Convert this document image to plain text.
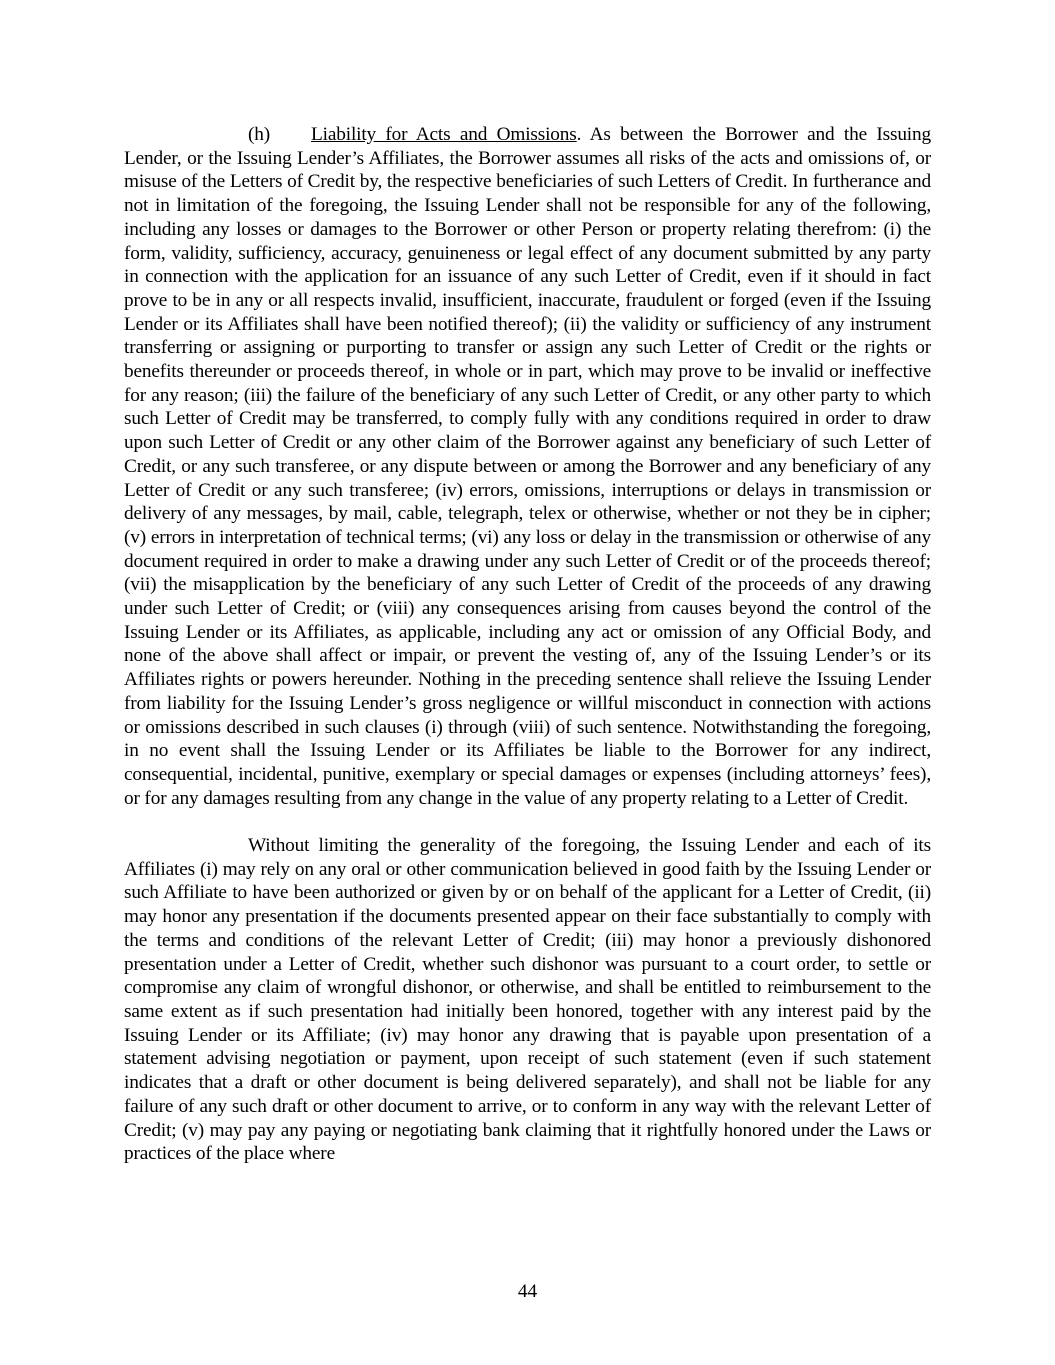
(h) Liability for Acts and Omissions. As between the Borrower and the Issuing Lender, or the Issuing Lender’s Affiliates, the Borrower assumes all risks of the acts and omissions of, or misuse of the Letters of Credit by, the respective beneficiaries of such Letters of Credit. In furtherance and not in limitation of the foregoing, the Issuing Lender shall not be responsible for any of the following, including any losses or damages to the Borrower or other Person or property relating therefrom: (i) the form, validity, sufficiency, accuracy, genuineness or legal effect of any document submitted by any party in connection with the application for an issuance of any such Letter of Credit, even if it should in fact prove to be in any or all respects invalid, insufficient, inaccurate, fraudulent or forged (even if the Issuing Lender or its Affiliates shall have been notified thereof); (ii) the validity or sufficiency of any instrument transferring or assigning or purporting to transfer or assign any such Letter of Credit or the rights or benefits thereunder or proceeds thereof, in whole or in part, which may prove to be invalid or ineffective for any reason; (iii) the failure of the beneficiary of any such Letter of Credit, or any other party to which such Letter of Credit may be transferred, to comply fully with any conditions required in order to draw upon such Letter of Credit or any other claim of the Borrower against any beneficiary of such Letter of Credit, or any such transferee, or any dispute between or among the Borrower and any beneficiary of any Letter of Credit or any such transferee; (iv) errors, omissions, interruptions or delays in transmission or delivery of any messages, by mail, cable, telegraph, telex or otherwise, whether or not they be in cipher; (v) errors in interpretation of technical terms; (vi) any loss or delay in the transmission or otherwise of any document required in order to make a drawing under any such Letter of Credit or of the proceeds thereof; (vii) the misapplication by the beneficiary of any such Letter of Credit of the proceeds of any drawing under such Letter of Credit; or (viii) any consequences arising from causes beyond the control of the Issuing Lender or its Affiliates, as applicable, including any act or omission of any Official Body, and none of the above shall affect or impair, or prevent the vesting of, any of the Issuing Lender’s or its Affiliates rights or powers hereunder. Nothing in the preceding sentence shall relieve the Issuing Lender from liability for the Issuing Lender’s gross negligence or willful misconduct in connection with actions or omissions described in such clauses (i) through (viii) of such sentence. Notwithstanding the foregoing, in no event shall the Issuing Lender or its Affiliates be liable to the Borrower for any indirect, consequential, incidental, punitive, exemplary or special damages or expenses (including attorneys’ fees), or for any damages resulting from any change in the value of any property relating to a Letter of Credit.

Without limiting the generality of the foregoing, the Issuing Lender and each of its Affiliates (i) may rely on any oral or other communication believed in good faith by the Issuing Lender or such Affiliate to have been authorized or given by or on behalf of the applicant for a Letter of Credit, (ii) may honor any presentation if the documents presented appear on their face substantially to comply with the terms and conditions of the relevant Letter of Credit; (iii) may honor a previously dishonored presentation under a Letter of Credit, whether such dishonor was pursuant to a court order, to settle or compromise any claim of wrongful dishonor, or otherwise, and shall be entitled to reimbursement to the same extent as if such presentation had initially been honored, together with any interest paid by the Issuing Lender or its Affiliate; (iv) may honor any drawing that is payable upon presentation of a statement advising negotiation or payment, upon receipt of such statement (even if such statement indicates that a draft or other document is being delivered separately), and shall not be liable for any failure of any such draft or other document to arrive, or to conform in any way with the relevant Letter of Credit; (v) may pay any paying or negotiating bank claiming that it rightfully honored under the Laws or practices of the place where

44
